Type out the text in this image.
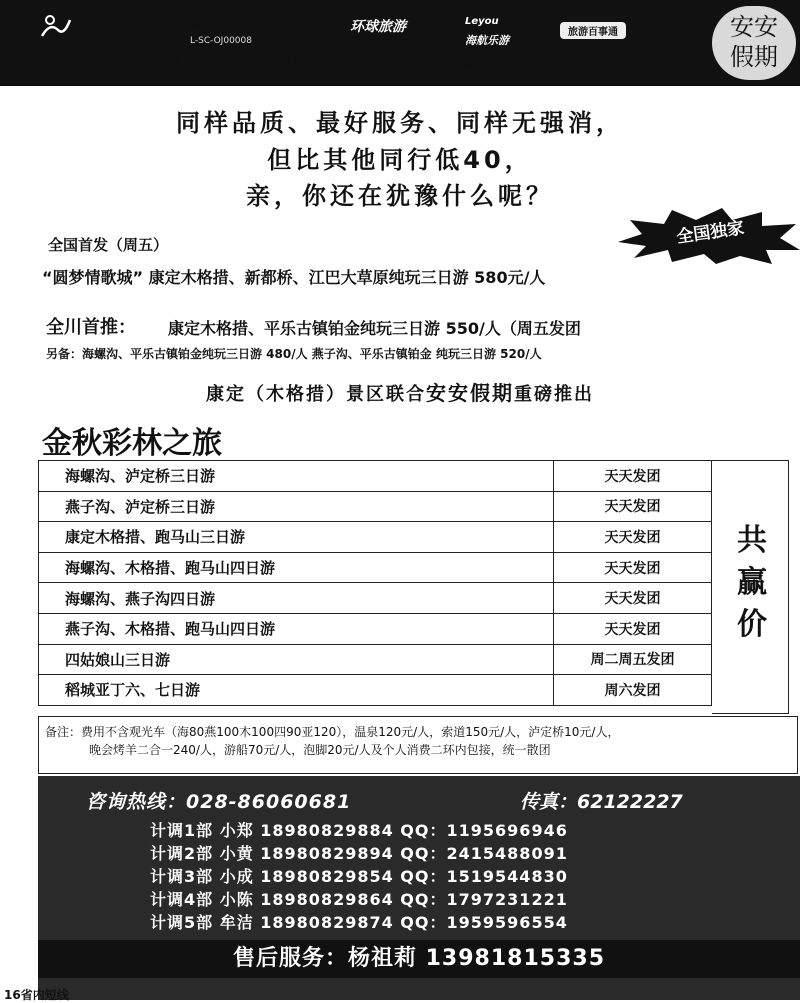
成都市光大国际旅行社有限责任公司
L-SC-OJ00008
环球旅游	Leyou
海航乐游
旅游百事通
国家AAAA级旅游景区/世界自然遗产提名地/国家级重点风景名胜区
安安
假期
同样品质、最好服务、同样无强消，
但比其他同行低40，
亲，你还在犹豫什么呢？
全国首发（周五）	全国独家
“圆梦情歌城” 康定木格措、新都桥、江巴大草原纯玩三日游 580元/人
全川首推： 康定木格措、平乐古镇铂金纯玩三日游 550/人（周五发团
另备：海螺沟、平乐古镇铂金纯玩三日游 480/人 燕子沟、平乐古镇铂金 纯玩三日游 520/人
康定（木格措）景区联合安安假期重磅推出
金秋彩林之旅
海螺沟、泸定桥三日游	天天发团
燕子沟、泸定桥三日游	天天发团
康定木格措、跑马山三日游	天天发团
海螺沟、木格措、跑马山四日游	天天发团
海螺沟、燕子沟四日游	天天发团
燕子沟、木格措、跑马山四日游	天天发团
四姑娘山三日游	周二周五发团
稻城亚丁六、七日游	周六发团
共
赢
价
备注：费用不含观光车（海80燕100木100四90亚120），温泉120元/人，索道150元/人，泸定桥10元/人，
晚会烤羊二合一240/人，游船70元/人，泡脚20元/人及个人消费二环内包接，统一散团
咨询热线：028-86060681	传真：62122227
计调1部 小郑 18980829884 QQ：1195696946
计调2部 小黄 18980829894 QQ：2415488091
计调3部 小成 18980829854 QQ：1519544830
计调4部 小陈 18980829864 QQ：1797231221
计调5部 牟洁 18980829874 QQ：1959596554
售后服务：杨祖莉 13981815335
16省内短线
